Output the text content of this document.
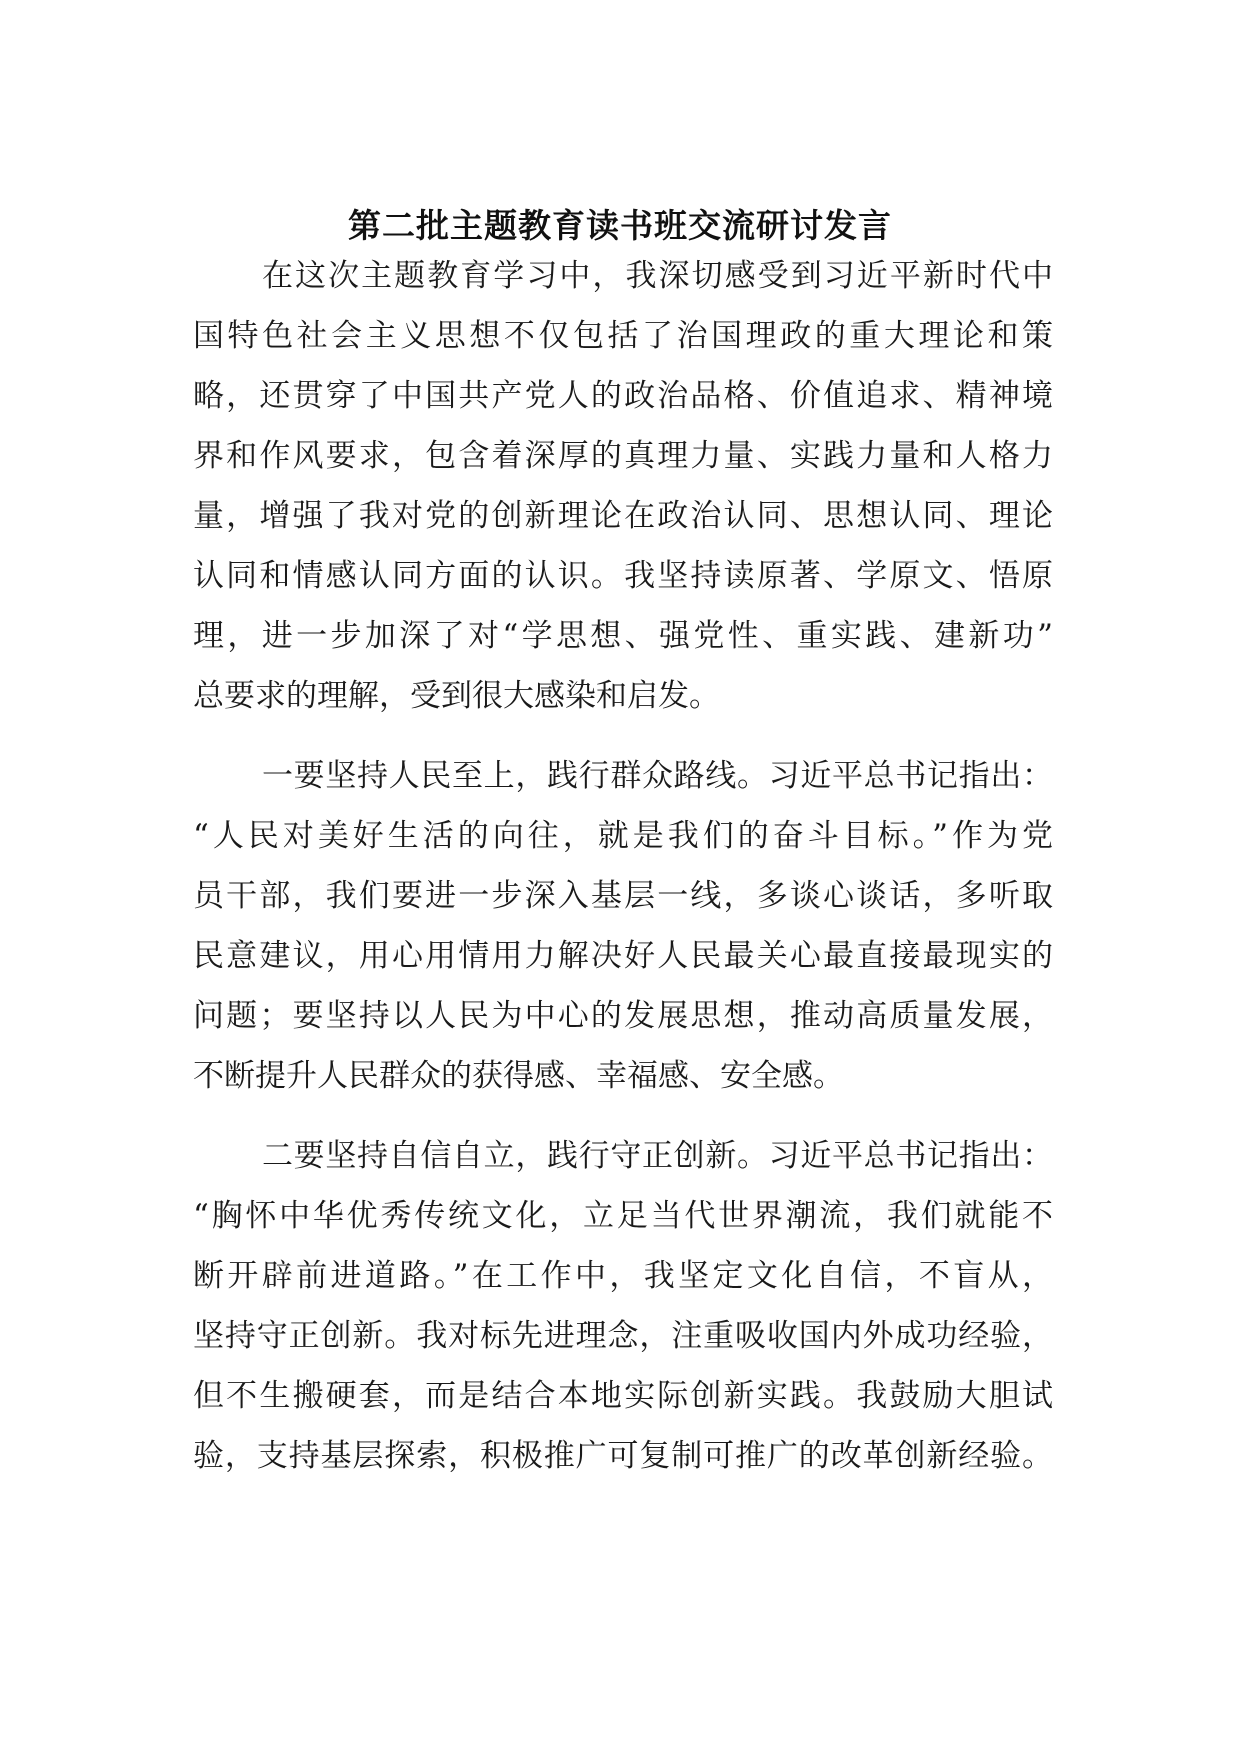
第二批主题教育读书班交流研讨发言
在这次主题教育学习中，我深切感受到习近平新时代中
国特色社会主义思想不仅包括了治国理政的重大理论和策
略，还贯穿了中国共产党人的政治品格、价值追求、精神境
界和作风要求，包含着深厚的真理力量、实践力量和人格力
量，增强了我对党的创新理论在政治认同、思想认同、理论
认同和情感认同方面的认识。我坚持读原著、学原文、悟原
理，进一步加深了对“学思想、强党性、重实践、建新功”
总要求的理解，受到很大感染和启发。
一要坚持人民至上，践行群众路线。习近平总书记指出：
“人民对美好生活的向往，就是我们的奋斗目标。”作为党
员干部，我们要进一步深入基层一线，多谈心谈话，多听取
民意建议，用心用情用力解决好人民最关心最直接最现实的
问题；要坚持以人民为中心的发展思想，推动高质量发展，
不断提升人民群众的获得感、幸福感、安全感。
二要坚持自信自立，践行守正创新。习近平总书记指出：
“胸怀中华优秀传统文化，立足当代世界潮流，我们就能不
断开辟前进道路。”在工作中，我坚定文化自信，不盲从，
坚持守正创新。我对标先进理念，注重吸收国内外成功经验，
但不生搬硬套，而是结合本地实际创新实践。我鼓励大胆试
验，支持基层探索，积极推广可复制可推广的改革创新经验。
